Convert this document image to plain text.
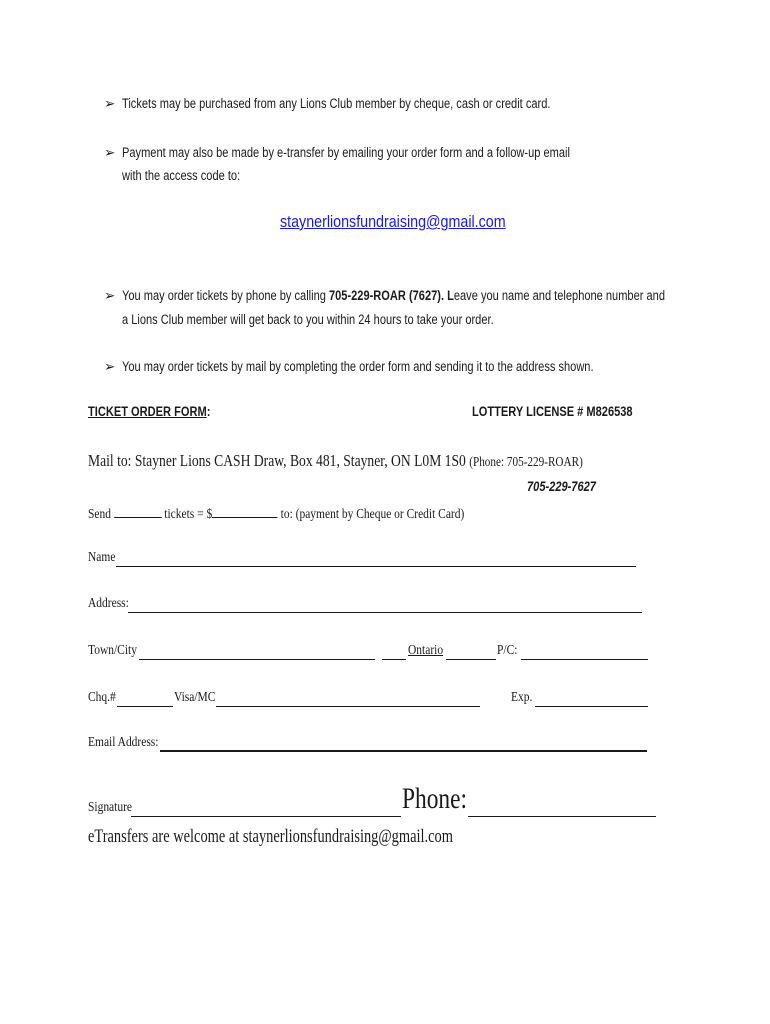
➢ Tickets may be purchased from any Lions Club member by cheque, cash or credit card.
➢ Payment may also be made by e-transfer by emailing your order form and a follow-up email
with the access code to:
staynerlionsfundraising@gmail.com
➢ You may order tickets by phone by calling 705-229-ROAR (7627). Leave you name and telephone number and
a Lions Club member will get back to you within 24 hours to take your order.
➢ You may order tickets by mail by completing the order form and sending it to the address shown.
TICKET ORDER FORM:	LOTTERY LICENSE # M826538
Mail to: Stayner Lions CASH Draw, Box 481, Stayner, ON L0M 1S0 (Phone: 705-229-ROAR)
705-229-7627
Send	tickets = $	to: (payment by Cheque or Credit Card)
Name
Address:
Town/City	Ontario	P/C:
Chq.#	Visa/MC	Exp.
Email Address:
Signature	Phone:
eTransfers are welcome at staynerlionsfundraising@gmail.com
